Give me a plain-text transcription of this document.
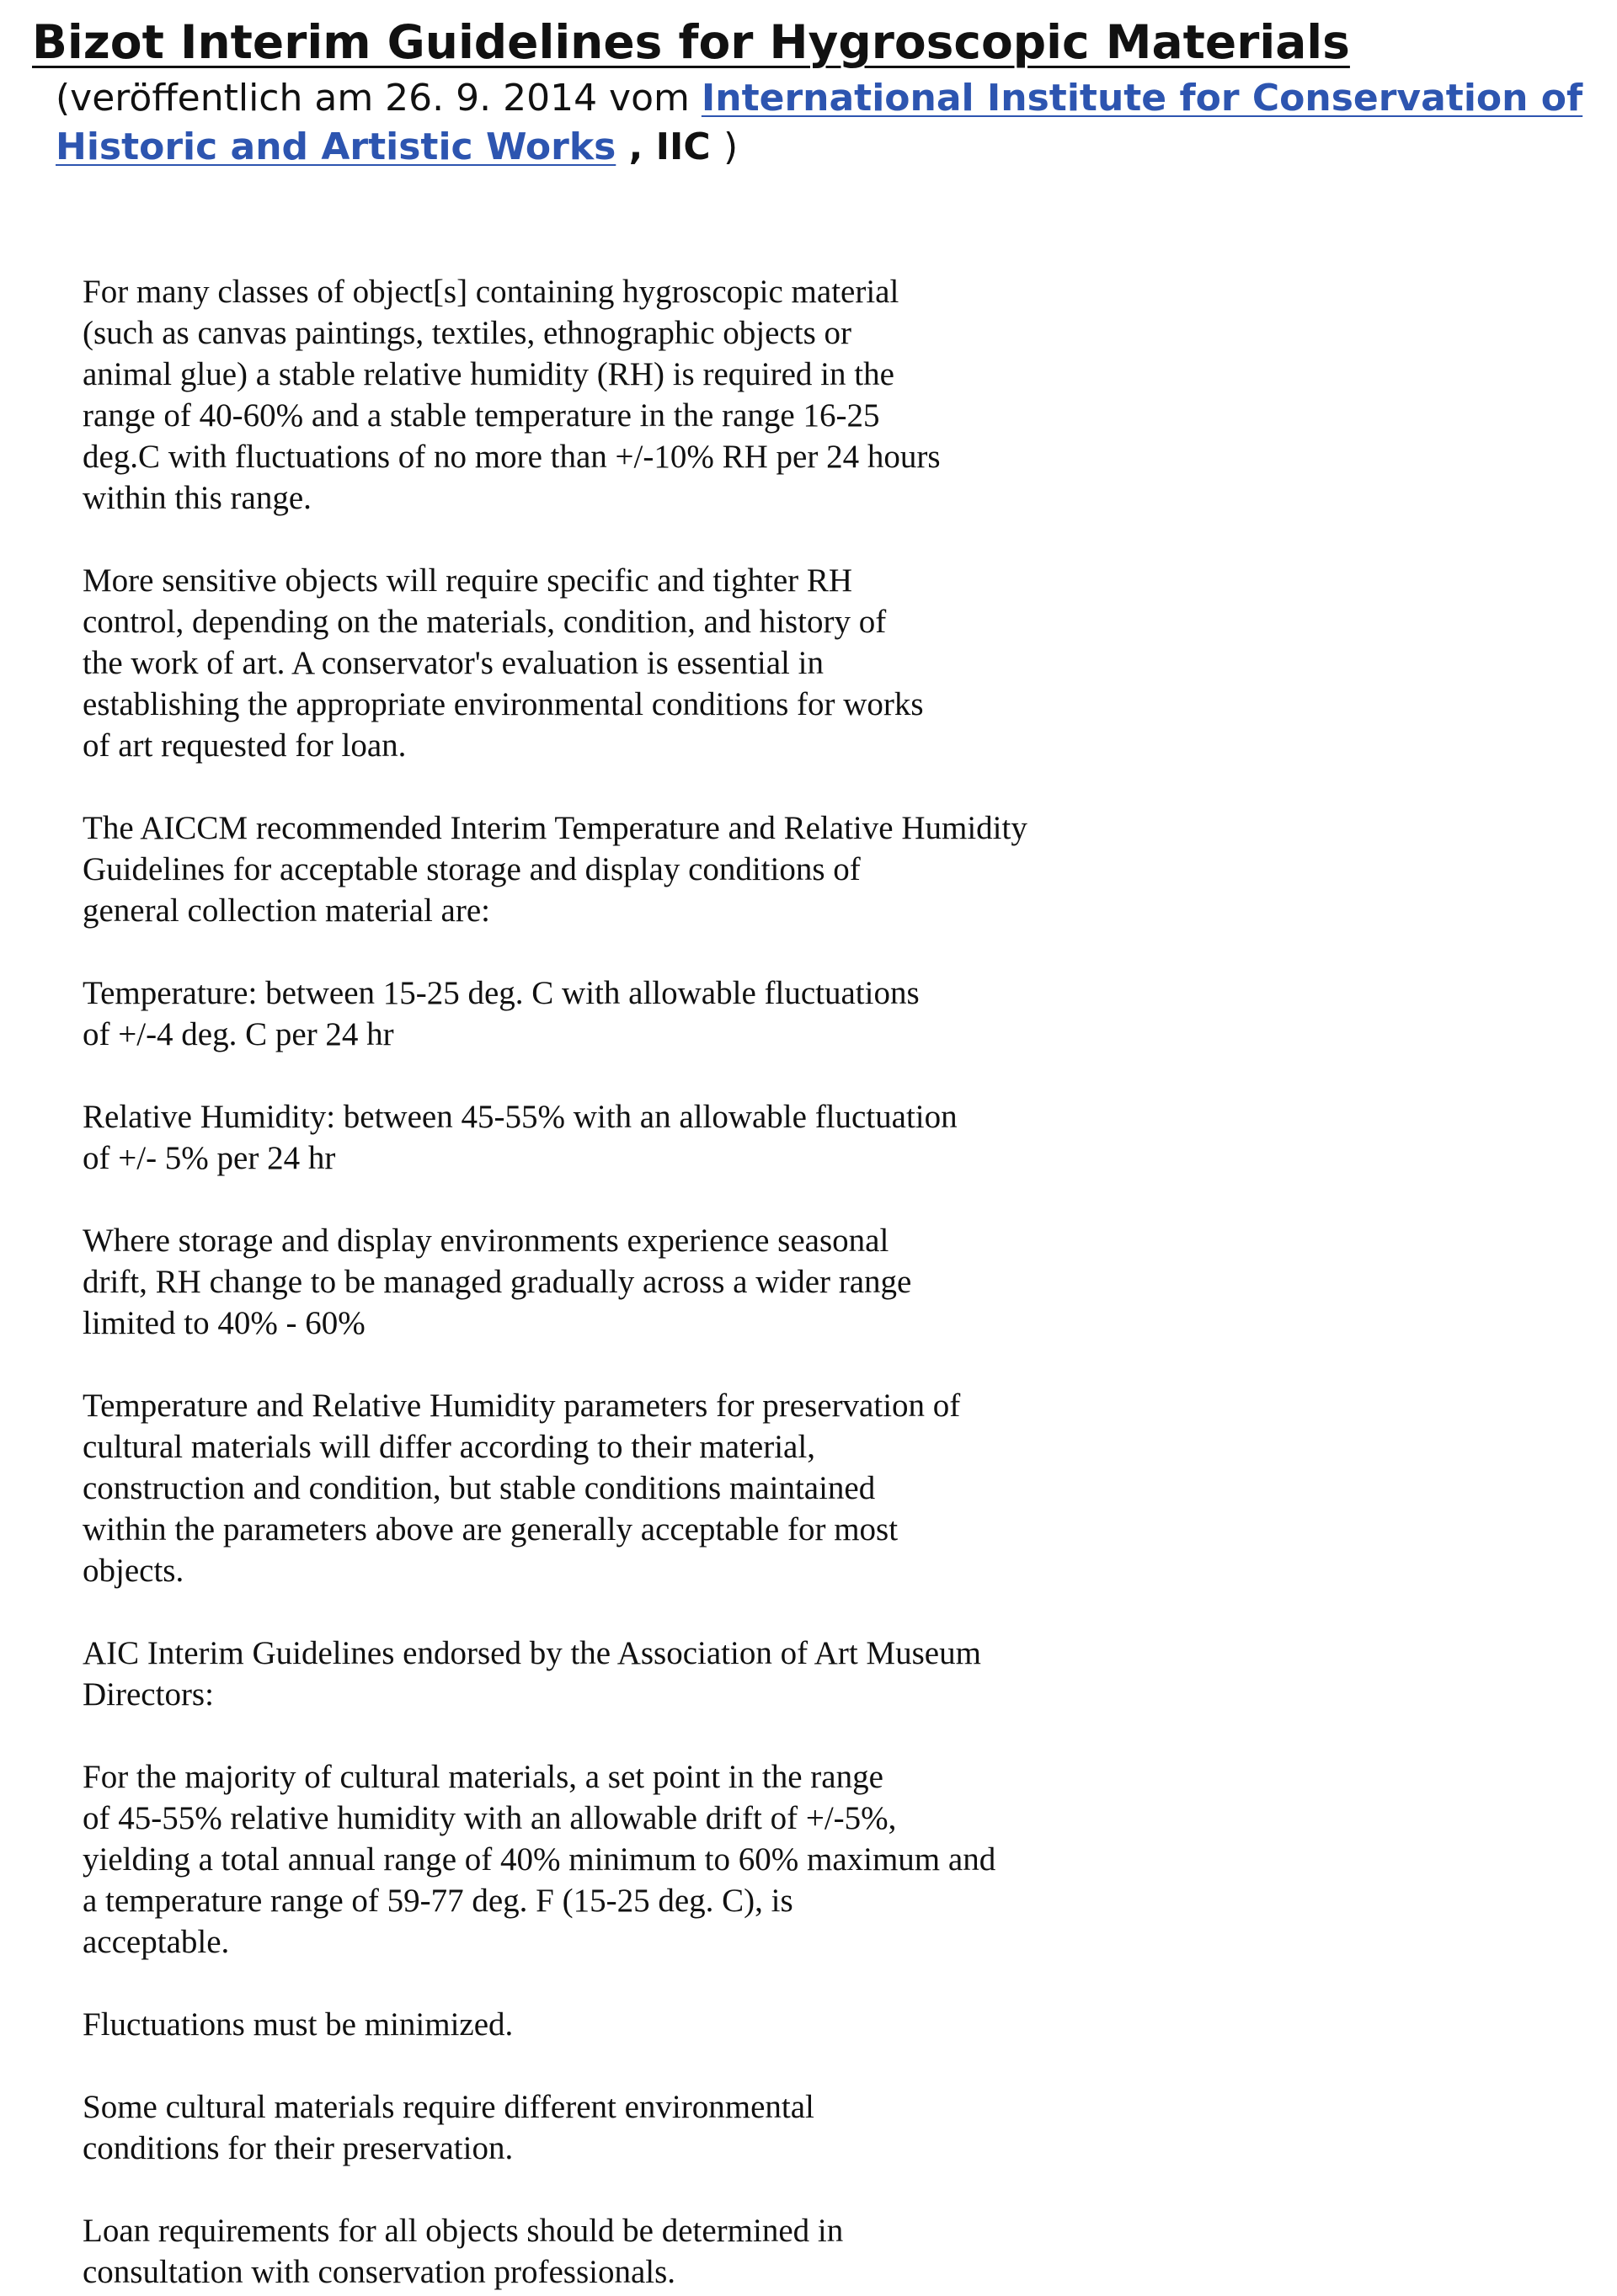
Bizot Interim Guidelines for Hygroscopic Materials
(veröffentlich am 26. 9. 2014 vom International Institute for Conservation of Historic and Artistic Works , IIC )

For many classes of object[s] containing hygroscopic material
(such as canvas paintings, textiles, ethnographic objects or
animal glue) a stable relative humidity (RH) is required in the
range of 40-60% and a stable temperature in the range 16-25
deg.C with fluctuations of no more than +/-10% RH per 24 hours
within this range.

More sensitive objects will require specific and tighter RH
control, depending on the materials, condition, and history of
the work of art. A conservator's evaluation is essential in
establishing the appropriate environmental conditions for works
of art requested for loan.

The AICCM recommended Interim Temperature and Relative Humidity
Guidelines for acceptable storage and display conditions of
general collection material are:

Temperature: between 15-25 deg. C with allowable fluctuations
of +/-4 deg. C per 24 hr

Relative Humidity: between 45-55% with an allowable fluctuation
of +/- 5% per 24 hr

Where storage and display environments experience seasonal
drift, RH change to be managed gradually across a wider range
limited to 40% - 60%

Temperature and Relative Humidity parameters for preservation of
cultural materials will differ according to their material,
construction and condition, but stable conditions maintained
within the parameters above are generally acceptable for most
objects.

AIC Interim Guidelines endorsed by the Association of Art Museum
Directors:

For the majority of cultural materials, a set point in the range
of 45-55% relative humidity with an allowable drift of +/-5%,
yielding a total annual range of 40% minimum to 60% maximum and
a temperature range of 59-77 deg. F (15-25 deg. C), is
acceptable.

Fluctuations must be minimized.

Some cultural materials require different environmental
conditions for their preservation.

Loan requirements for all objects should be determined in
consultation with conservation professionals.
